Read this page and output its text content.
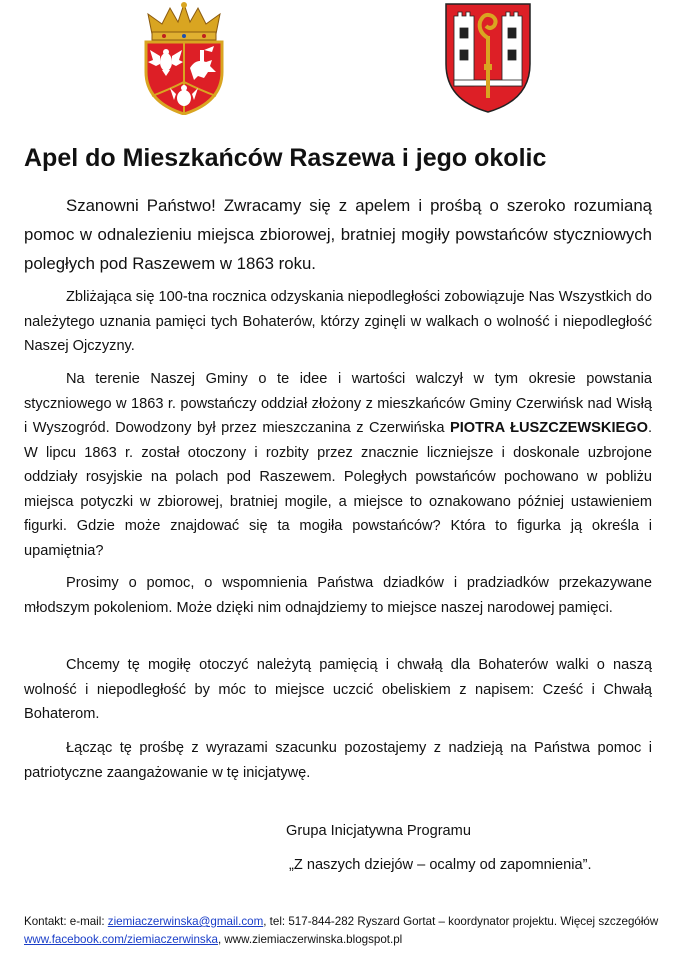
Apel do Mieszkańców Raszewa i jego okolic

Szanowni Państwo! Zwracamy się z apelem i prośbą o szeroko rozumianą pomoc w odnalezieniu miejsca zbiorowej, bratniej mogiły powstańców styczniowych poległych pod Raszewem w 1863 roku.

Zbliżająca się 100-tna rocznica odzyskania niepodległości zobowiązuje Nas Wszystkich do należytego uznania pamięci tych Bohaterów, którzy zginęli w walkach o wolność i niepodległość Naszej Ojczyzny.

Na terenie Naszej Gminy o te idee i wartości walczył w tym okresie powstania styczniowego w 1863 r. powstańczy oddział złożony z mieszkańców Gminy Czerwińsk nad Wisłą i Wyszogród. Dowodzony był przez mieszczanina z Czerwińska PIOTRA ŁUSZCZEWSKIEGO. W lipcu 1863 r. został otoczony i rozbity przez znacznie liczniejsze i doskonale uzbrojone oddziały rosyjskie na polach pod Raszewem. Poległych powstańców pochowano w pobliżu miejsca potyczki w zbiorowej, bratniej mogile, a miejsce to oznakowano później ustawieniem figurki. Gdzie może znajdować się ta mogiła powstańców? Która to figurka ją określa i upamiętnia?

Prosimy o pomoc, o wspomnienia Państwa dziadków i pradziadków przekazywane młodszym pokoleniom. Może dzięki nim odnajdziemy to miejsce naszej narodowej pamięci.

Chcemy tę mogiłę otoczyć należytą pamięcią i chwałą dla Bohaterów walki o naszą wolność i niepodległość by móc to miejsce uczcić obeliskiem z napisem: Cześć i Chwałą Bohaterom.

Łącząc tę prośbę z wyrazami szacunku pozostajemy z nadzieją na Państwa pomoc i patriotyczne zaangażowanie w tę inicjatywę.

Grupa Inicjatywna Programu
„Z naszych dziejów – ocalmy od zapomnienia”.
Kontakt: e-mail: ziemiaczerwinska@gmail.com, tel: 517-844-282 Ryszard Gortat – koordynator projektu. Więcej szczegółów www.facebook.com/ziemiaczerwinska, www.ziemiaczerwinska.blogspot.pl
